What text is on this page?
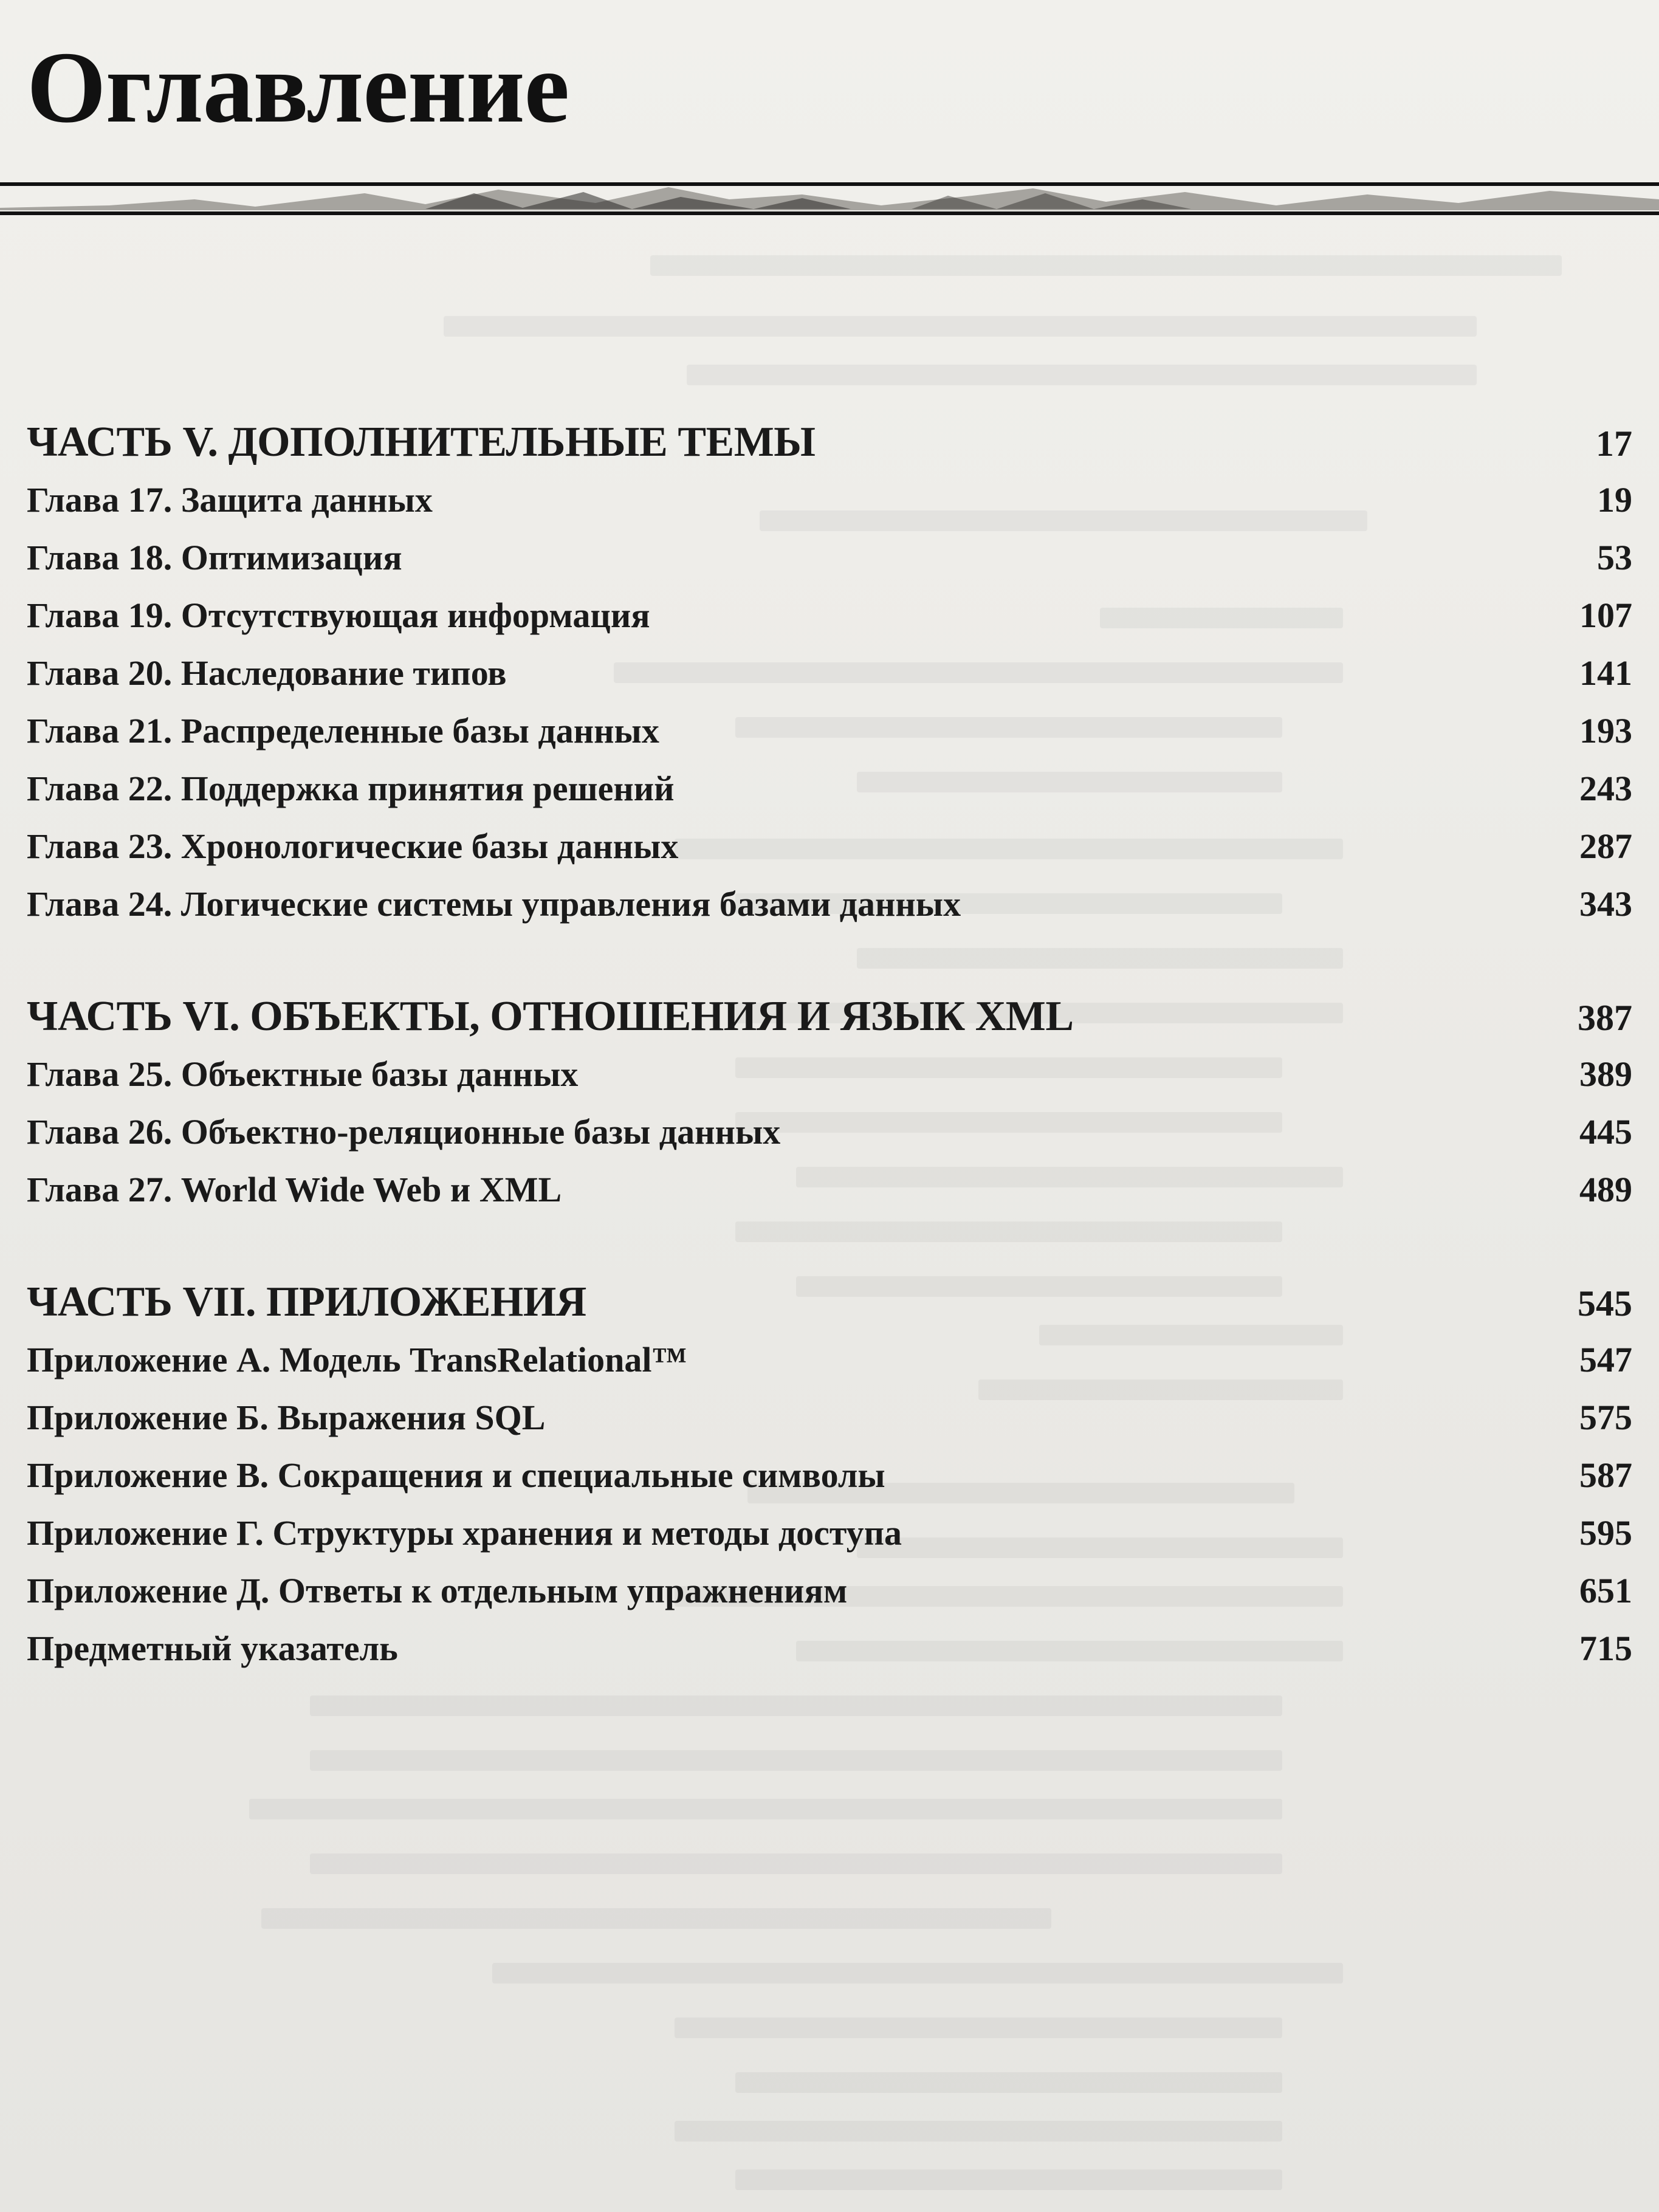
Оглавление
ЧАСТЬ V. ДОПОЛНИТЕЛЬНЫЕ ТЕМЫ	17
Глава 17. Защита данных	19
Глава 18. Оптимизация	53
Глава 19. Отсутствующая информация	107
Глава 20. Наследование типов	141
Глава 21. Распределенные базы данных	193
Глава 22. Поддержка принятия решений	243
Глава 23. Хронологические базы данных	287
Глава 24. Логические системы управления базами данных	343
ЧАСТЬ VI. ОБЪЕКТЫ, ОТНОШЕНИЯ И ЯЗЫК XML	387
Глава 25. Объектные базы данных	389
Глава 26. Объектно-реляционные базы данных	445
Глава 27. World Wide Web и XML	489
ЧАСТЬ VII. ПРИЛОЖЕНИЯ	545
Приложение А. Модель TransRelational™	547
Приложение Б. Выражения SQL	575
Приложение В. Сокращения и специальные символы	587
Приложение Г. Структуры хранения и методы доступа	595
Приложение Д. Ответы к отдельным упражнениям	651
Предметный указатель	715
